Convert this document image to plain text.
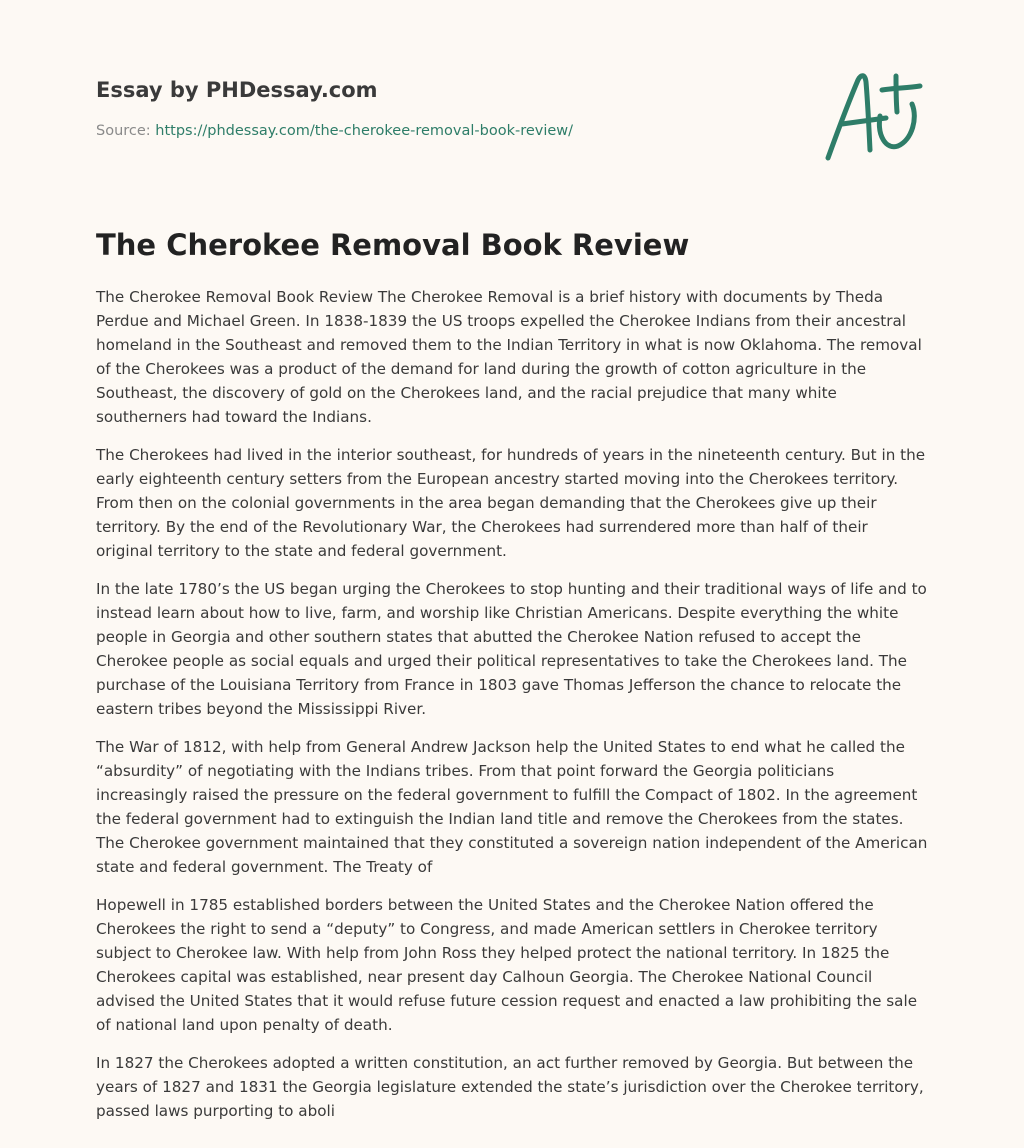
Essay by PHDessay.com
Source: https://phdessay.com/the-cherokee-removal-book-review/
The Cherokee Removal Book Review

The Cherokee Removal Book Review The Cherokee Removal is a brief history with documents by Theda Perdue and Michael Green. In 1838-1839 the US troops expelled the Cherokee Indians from their ancestral homeland in the Southeast and removed them to the Indian Territory in what is now Oklahoma. The removal of the Cherokees was a product of the demand for land during the growth of cotton agriculture in the Southeast, the discovery of gold on the Cherokees land, and the racial prejudice that many white southerners had toward the Indians.

The Cherokees had lived in the interior southeast, for hundreds of years in the nineteenth century. But in the early eighteenth century setters from the European ancestry started moving into the Cherokees territory. From then on the colonial governments in the area began demanding that the Cherokees give up their territory. By the end of the Revolutionary War, the Cherokees had surrendered more than half of their original territory to the state and federal government.

In the late 1780’s the US began urging the Cherokees to stop hunting and their traditional ways of life and to instead learn about how to live, farm, and worship like Christian Americans. Despite everything the white people in Georgia and other southern states that abutted the Cherokee Nation refused to accept the Cherokee people as social equals and urged their political representatives to take the Cherokees land. The purchase of the Louisiana Territory from France in 1803 gave Thomas Jefferson the chance to relocate the eastern tribes beyond the Mississippi River.

The War of 1812, with help from General Andrew Jackson help the United States to end what he called the “absurdity” of negotiating with the Indians tribes. From that point forward the Georgia politicians increasingly raised the pressure on the federal government to fulfill the Compact of 1802. In the agreement the federal government had to extinguish the Indian land title and remove the Cherokees from the states. The Cherokee government maintained that they constituted a sovereign nation independent of the American state and federal government. The Treaty of

Hopewell in 1785 established borders between the United States and the Cherokee Nation offered the Cherokees the right to send a “deputy” to Congress, and made American settlers in Cherokee territory subject to Cherokee law. With help from John Ross they helped protect the national territory. In 1825 the Cherokees capital was established, near present day Calhoun Georgia. The Cherokee National Council advised the United States that it would refuse future cession request and enacted a law prohibiting the sale of national land upon penalty of death.

In 1827 the Cherokees adopted a written constitution, an act further removed by Georgia. But between the years of 1827 and 1831 the Georgia legislature extended the state’s jurisdiction over the Cherokee territory, passed laws purporting to aboli
